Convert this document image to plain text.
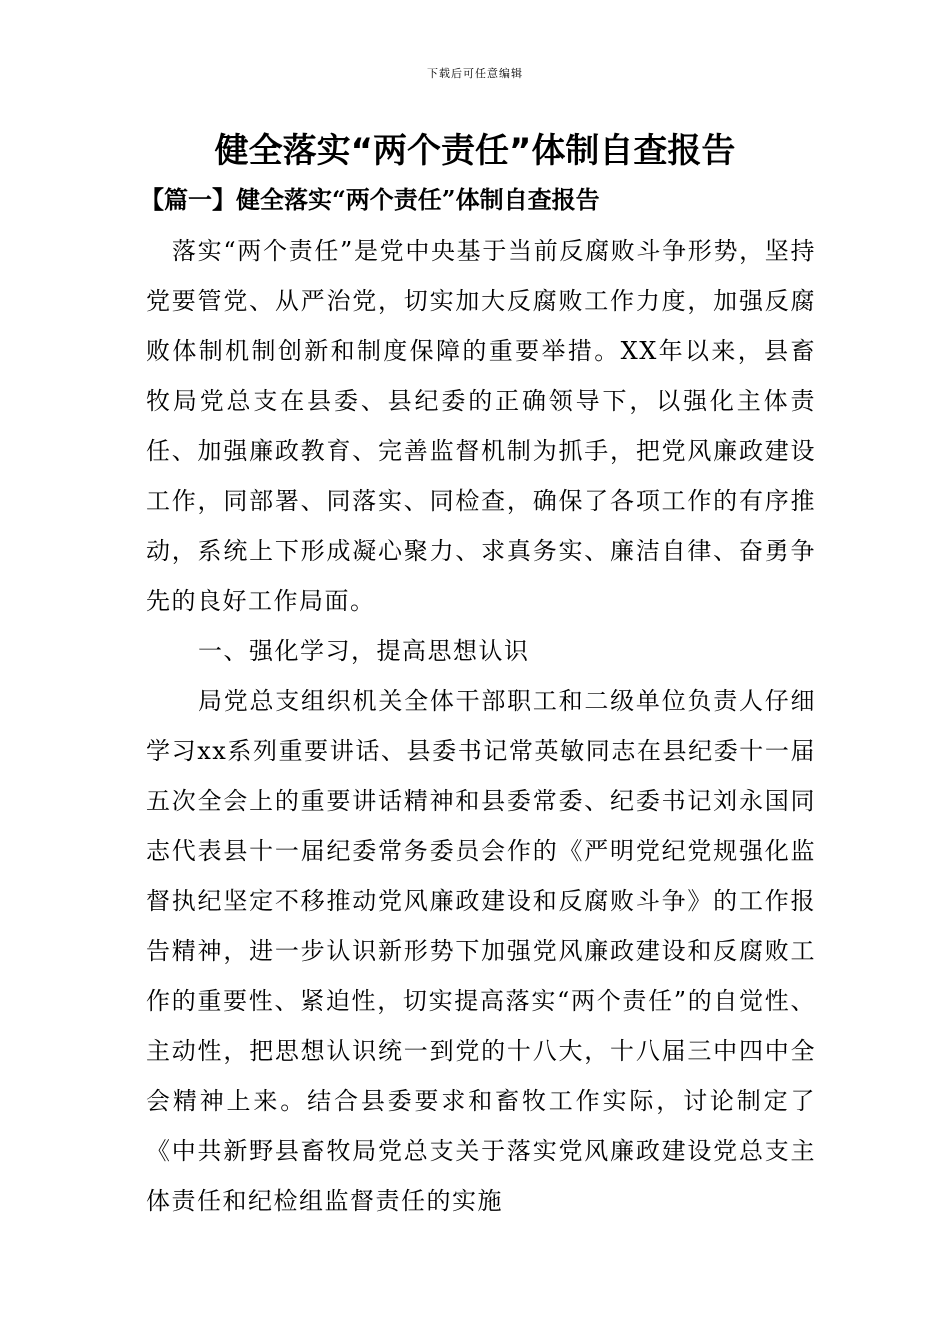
下载后可任意编辑
健全落实“两个责任”体制自查报告
【篇一】健全落实“两个责任”体制自查报告

落实“两个责任”是党中央基于当前反腐败斗争形势，坚持党要管党、从严治党，切实加大反腐败工作力度，加强反腐败体制机制创新和制度保障的重要举措。XX年以来，县畜牧局党总支在县委、县纪委的正确领导下，以强化主体责任、加强廉政教育、完善监督机制为抓手，把党风廉政建设工作，同部署、同落实、同检查，确保了各项工作的有序推动，系统上下形成凝心聚力、求真务实、廉洁自律、奋勇争先的良好工作局面。

一、强化学习，提高思想认识

局党总支组织机关全体干部职工和二级单位负责人仔细学习xx系列重要讲话、县委书记常英敏同志在县纪委十一届五次全会上的重要讲话精神和县委常委、纪委书记刘永国同志代表县十一届纪委常务委员会作的《严明党纪党规强化监督执纪坚定不移推动党风廉政建设和反腐败斗争》的工作报告精神，进一步认识新形势下加强党风廉政建设和反腐败工作的重要性、紧迫性，切实提高落实“两个责任”的自觉性、主动性，把思想认识统一到党的十八大，十八届三中四中全会精神上来。结合县委要求和畜牧工作实际，讨论制定了《中共新野县畜牧局党总支关于落实党风廉政建设党总支主体责任和纪检组监督责任的实施
